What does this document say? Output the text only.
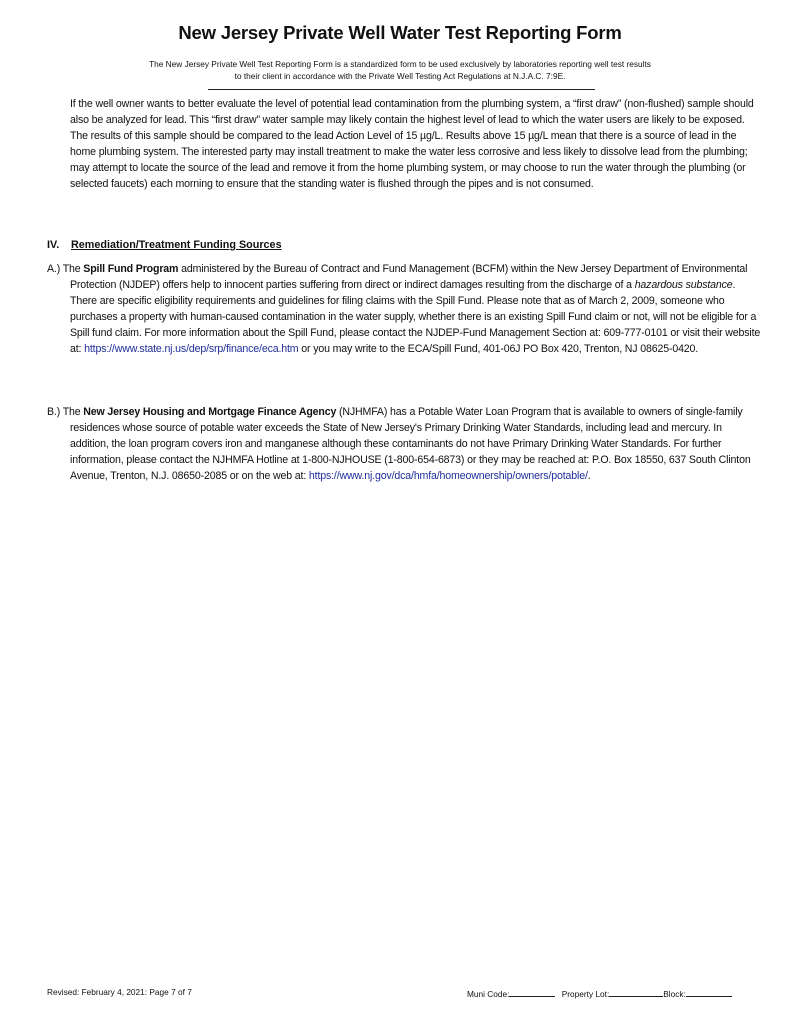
New Jersey Private Well Water Test Reporting Form
The New Jersey Private Well Test Reporting Form is a standardized form to be used exclusively by laboratories reporting well test results
to their client in accordance with the Private Well Testing Act Regulations at N.J.A.C. 7:9E.
If the well owner wants to better evaluate the level of potential lead contamination from the plumbing system, a “first draw” (non-flushed) sample should also be analyzed for lead. This “first draw” water sample may likely contain the highest level of lead to which the water users are likely to be exposed. The results of this sample should be compared to the lead Action Level of 15 µg/L. Results above 15 µg/L mean that there is a source of lead in the home plumbing system. The interested party may install treatment to make the water less corrosive and less likely to dissolve lead from the plumbing; may attempt to locate the source of the lead and remove it from the home plumbing system, or may choose to run the water through the plumbing (or selected faucets) each morning to ensure that the standing water is flushed through the pipes and is not consumed.
IV. Remediation/Treatment Funding Sources
A.) The Spill Fund Program administered by the Bureau of Contract and Fund Management (BCFM) within the New Jersey Department of Environmental Protection (NJDEP) offers help to innocent parties suffering from direct or indirect damages resulting from the discharge of a hazardous substance. There are specific eligibility requirements and guidelines for filing claims with the Spill Fund. Please note that as of March 2, 2009, someone who purchases a property with human-caused contamination in the water supply, whether there is an existing Spill Fund claim or not, will not be eligible for a Spill fund claim. For more information about the Spill Fund, please contact the NJDEP-Fund Management Section at: 609-777-0101 or visit their website at: https://www.state.nj.us/dep/srp/finance/eca.htm or you may write to the ECA/Spill Fund, 401-06J PO Box 420, Trenton, NJ 08625-0420.
B.) The New Jersey Housing and Mortgage Finance Agency (NJHMFA) has a Potable Water Loan Program that is available to owners of single-family residences whose source of potable water exceeds the State of New Jersey's Primary Drinking Water Standards, including lead and mercury. In addition, the loan program covers iron and manganese although these contaminants do not have Primary Drinking Water Standards. For further information, please contact the NJHMFA Hotline at 1-800-NJHOUSE (1-800-654-6873) or they may be reached at: P.O. Box 18550, 637 South Clinton Avenue, Trenton, N.J. 08650-2085 or on the web at: https://www.nj.gov/dca/hmfa/homeownership/owners/potable/.
Revised: February 4, 2021: Page 7 of 7	Muni Code:	Property Lot:	Block:
